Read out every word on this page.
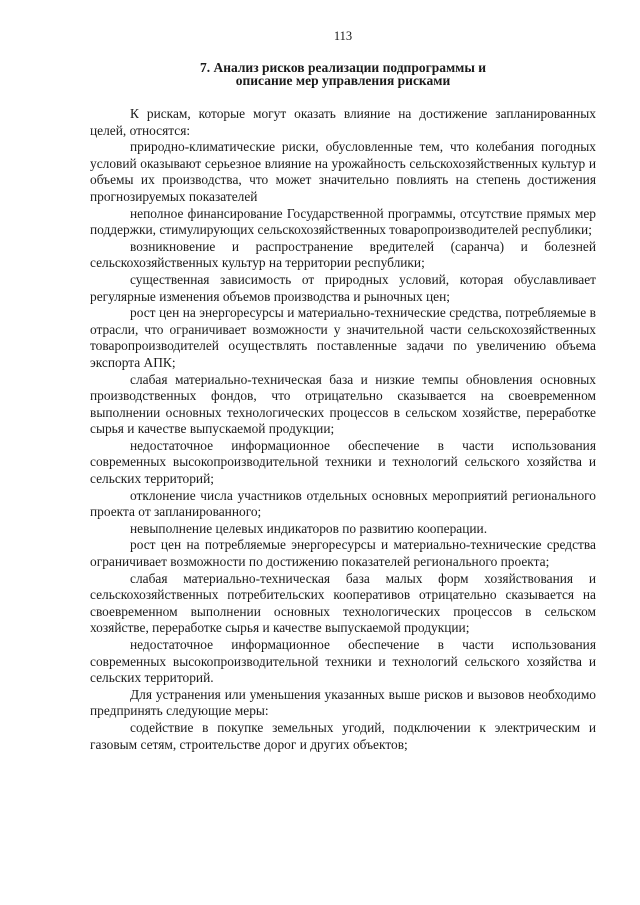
113
7. Анализ рисков реализации подпрограммы и
описание мер управления рисками

К рискам, которые могут оказать влияние на достижение запланированных целей, относятся:

природно-климатические риски, обусловленные тем, что колебания погодных условий оказывают серьезное влияние на урожайность сельскохозяйственных культур и объемы их производства, что может значительно повлиять на степень достижения прогнозируемых показателей

неполное финансирование Государственной программы, отсутствие прямых мер поддержки, стимулирующих сельскохозяйственных товаропроизводителей республики;

возникновение и распространение вредителей (саранча) и болезней сельскохозяйственных культур на территории республики;

существенная зависимость от природных условий, которая обуславливает регулярные изменения объемов производства и рыночных цен;

рост цен на энергоресурсы и материально-технические средства, потребляемые в отрасли, что ограничивает возможности у значительной части сельскохозяйственных товаропроизводителей осуществлять поставленные задачи по увеличению объема экспорта АПК;

слабая материально-техническая база и низкие темпы обновления основных производственных фондов, что отрицательно сказывается на своевременном выполнении основных технологических процессов в сельском хозяйстве, переработке сырья и качестве выпускаемой продукции;

недостаточное информационное обеспечение в части использования современных высокопроизводительной техники и технологий сельского хозяйства и сельских территорий;

отклонение числа участников отдельных основных мероприятий регионального проекта от запланированного;

невыполнение целевых индикаторов по развитию кооперации.

рост цен на потребляемые энергоресурсы и материально-технические средства ограничивает возможности по достижению показателей регионального проекта;

слабая материально-техническая база малых форм хозяйствования и сельскохозяйственных потребительских кооперативов отрицательно сказывается на своевременном выполнении основных технологических процессов в сельском хозяйстве, переработке сырья и качестве выпускаемой продукции;

недостаточное информационное обеспечение в части использования современных высокопроизводительной техники и технологий сельского хозяйства и сельских территорий.

Для устранения или уменьшения указанных выше рисков и вызовов необходимо предпринять следующие меры:

содействие в покупке земельных угодий, подключении к электрическим и газовым сетям, строительстве дорог и других объектов;
